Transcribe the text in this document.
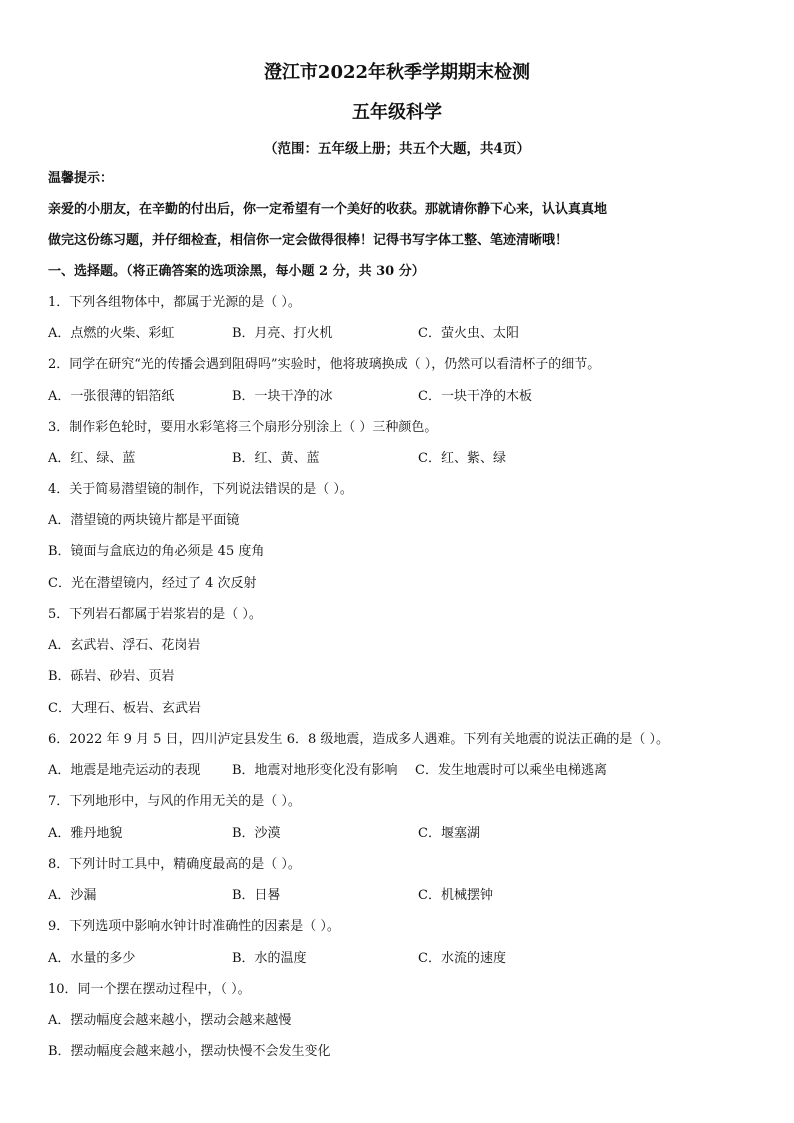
澄江市2022年秋季学期期末检测
五年级科学
（范围：五年级上册；共五个大题，共4页）
温馨提示：
亲爱的小朋友，在辛勤的付出后，你一定希望有一个美好的收获。那就请你静下心来，认认真真地
做完这份练习题，并仔细检查，相信你一定会做得很棒！记得书写字体工整、笔迹清晰哦！
一、选择题。（将正确答案的选项涂黑，每小题 2 分，共 30 分）
1．下列各组物体中，都属于光源的是（ ）。
A．点燃的火柴、彩虹	B．月亮、打火机	C．萤火虫、太阳
2．同学在研究“光的传播会遇到阻碍吗”实验时，他将玻璃换成（ ），仍然可以看清杯子的细节。
A．一张很薄的铝箔纸	B．一块干净的冰	C．一块干净的木板
3．制作彩色轮时，要用水彩笔将三个扇形分别涂上（ ）三种颜色。
A．红、绿、蓝	B．红、黄、蓝	C．红、紫、绿
4．关于简易潜望镜的制作，下列说法错误的是（ ）。
A．潜望镜的两块镜片都是平面镜
B．镜面与盒底边的角必须是 45 度角
C．光在潜望镜内，经过了 4 次反射
5．下列岩石都属于岩浆岩的是（ ）。
A．玄武岩、浮石、花岗岩
B．砾岩、砂岩、页岩
C．大理石、板岩、玄武岩
6．2022 年 9 月 5 日，四川泸定县发生 6．8 级地震，造成多人遇难。下列有关地震的说法正确的是（ ）。
A．地震是地壳运动的表现 B．地震对地形变化没有影响 C．发生地震时可以乘坐电梯逃离
7．下列地形中，与风的作用无关的是（ ）。
A．雅丹地貌	B．沙漠	C．堰塞湖
8．下列计时工具中，精确度最高的是（ ）。
A．沙漏	B．日晷	C．机械摆钟
9．下列选项中影响水钟计时准确性的因素是（ ）。
A．水量的多少	B．水的温度	C．水流的速度
10．同一个摆在摆动过程中，（ ）。
A．摆动幅度会越来越小，摆动会越来越慢
B．摆动幅度会越来越小，摆动快慢不会发生变化
